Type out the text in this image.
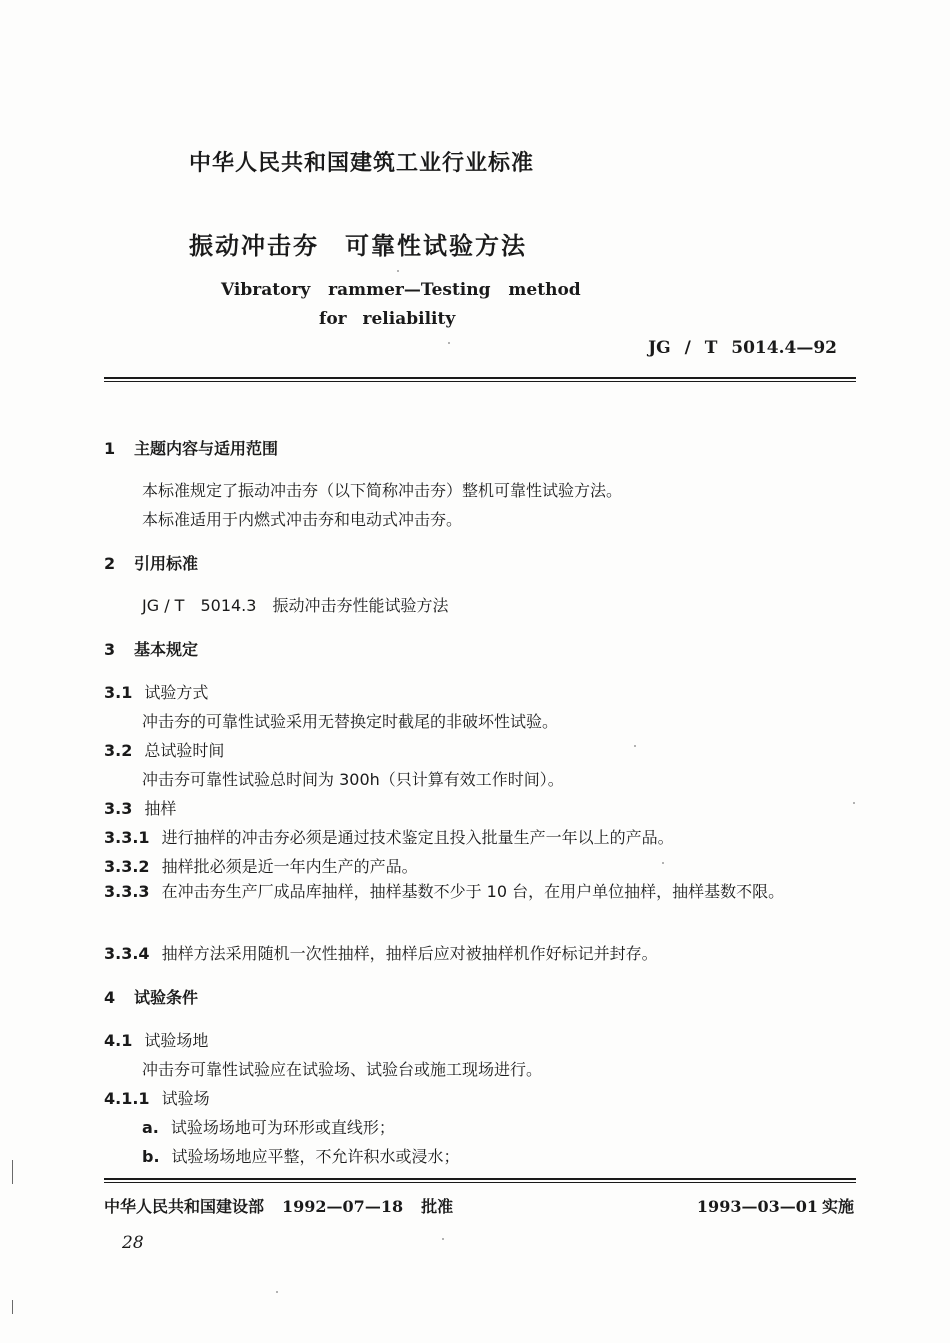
中华人民共和国建筑工业行业标准
振动冲击夯　可靠性试验方法
Vibratory rammer—Testing method
for reliability
JG / T 5014.4—92
1 主题内容与适用范围
本标准规定了振动冲击夯（以下简称冲击夯）整机可靠性试验方法。
本标准适用于内燃式冲击夯和电动式冲击夯。
2 引用标准
JG / T　5014.3　振动冲击夯性能试验方法
3 基本规定
3.1 试验方式
冲击夯的可靠性试验采用无替换定时截尾的非破坏性试验。
3.2 总试验时间
冲击夯可靠性试验总时间为 300h（只计算有效工作时间）。
3.3 抽样
3.3.1 进行抽样的冲击夯必须是通过技术鉴定且投入批量生产一年以上的产品。
3.3.2 抽样批必须是近一年内生产的产品。
3.3.3 在冲击夯生产厂成品库抽样，抽样基数不少于 10 台，在用户单位抽样，抽样基数不限。
3.3.4 抽样方法采用随机一次性抽样，抽样后应对被抽样机作好标记并封存。
4 试验条件
4.1 试验场地
冲击夯可靠性试验应在试验场、试验台或施工现场进行。
4.1.1 试验场
a. 试验场场地可为环形或直线形；
b. 试验场场地应平整，不允许积水或浸水；
中华人民共和国建设部 1992—07—18 批准	1993—03—01 实施
28
